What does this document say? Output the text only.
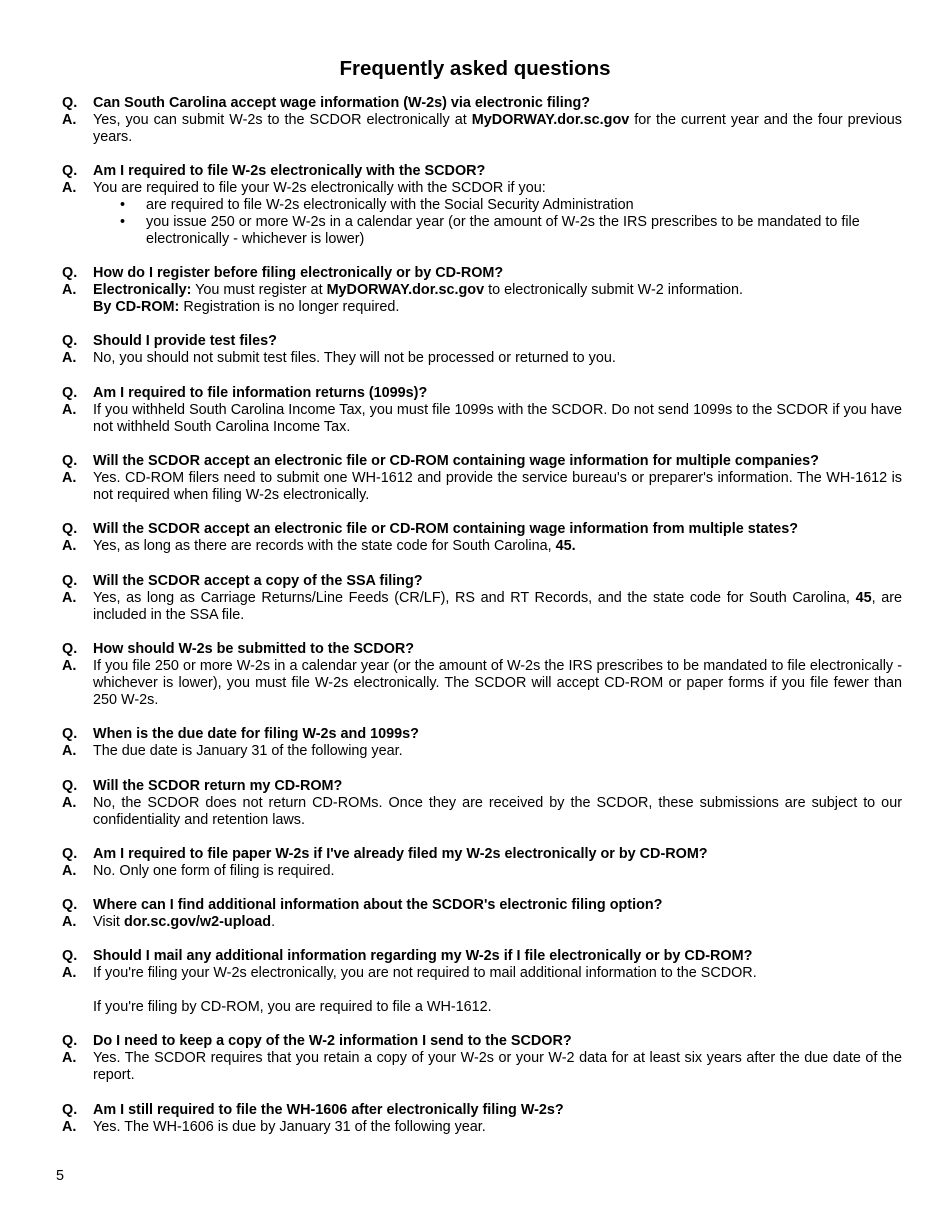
Frequently asked questions
Q.	Can South Carolina accept wage information (W-2s) via electronic filing?
A.	Yes, you can submit W-2s to the SCDOR electronically at MyDORWAY.dor.sc.gov for the current year and the four previous years.
Q.	Am I required to file W-2s electronically with the SCDOR?
A.	You are required to file your W-2s electronically with the SCDOR if you:
• are required to file W-2s electronically with the Social Security Administration
• you issue 250 or more W-2s in a calendar year (or the amount of W-2s the IRS prescribes to be mandated to file electronically - whichever is lower)
Q.	How do I register before filing electronically or by CD-ROM?
A.	Electronically: You must register at MyDORWAY.dor.sc.gov to electronically submit W-2 information.
By CD-ROM: Registration is no longer required.
Q.	Should I provide test files?
A.	No, you should not submit test files. They will not be processed or returned to you.
Q.	Am I required to file information returns (1099s)?
A.	If you withheld South Carolina Income Tax, you must file 1099s with the SCDOR. Do not send 1099s to the SCDOR if you have not withheld South Carolina Income Tax.
Q.	Will the SCDOR accept an electronic file or CD-ROM containing wage information for multiple companies?
A.	Yes. CD-ROM filers need to submit one WH-1612 and provide the service bureau's or preparer's information. The WH-1612 is not required when filing W-2s electronically.
Q.	Will the SCDOR accept an electronic file or CD-ROM containing wage information from multiple states?
A.	Yes, as long as there are records with the state code for South Carolina, 45.
Q.	Will the SCDOR accept a copy of the SSA filing?
A.	Yes, as long as Carriage Returns/Line Feeds (CR/LF), RS and RT Records, and the state code for South Carolina, 45, are included in the SSA file.
Q.	How should W-2s be submitted to the SCDOR?
A.	If you file 250 or more W-2s in a calendar year (or the amount of W-2s the IRS prescribes to be mandated to file electronically - whichever is lower), you must file W-2s electronically. The SCDOR will accept CD-ROM or paper forms if you file fewer than 250 W-2s.
Q.	When is the due date for filing W-2s and 1099s?
A.	The due date is January 31 of the following year.
Q.	Will the SCDOR return my CD-ROM?
A.	No, the SCDOR does not return CD-ROMs. Once they are received by the SCDOR, these submissions are subject to our confidentiality and retention laws.
Q.	Am I required to file paper W-2s if I've already filed my W-2s electronically or by CD-ROM?
A.	No. Only one form of filing is required.
Q.	Where can I find additional information about the SCDOR's electronic filing option?
A.	Visit dor.sc.gov/w2-upload.
Q.	Should I mail any additional information regarding my W-2s if I file electronically or by CD-ROM?
A.	If you're filing your W-2s electronically, you are not required to mail additional information to the SCDOR.
If you're filing by CD-ROM, you are required to file a WH-1612.
Q.	Do I need to keep a copy of the W-2 information I send to the SCDOR?
A.	Yes. The SCDOR requires that you retain a copy of your W-2s or your W-2 data for at least six years after the due date of the report.
Q.	Am I still required to file the WH-1606 after electronically filing W-2s?
A.	Yes. The WH-1606 is due by January 31 of the following year.
5
